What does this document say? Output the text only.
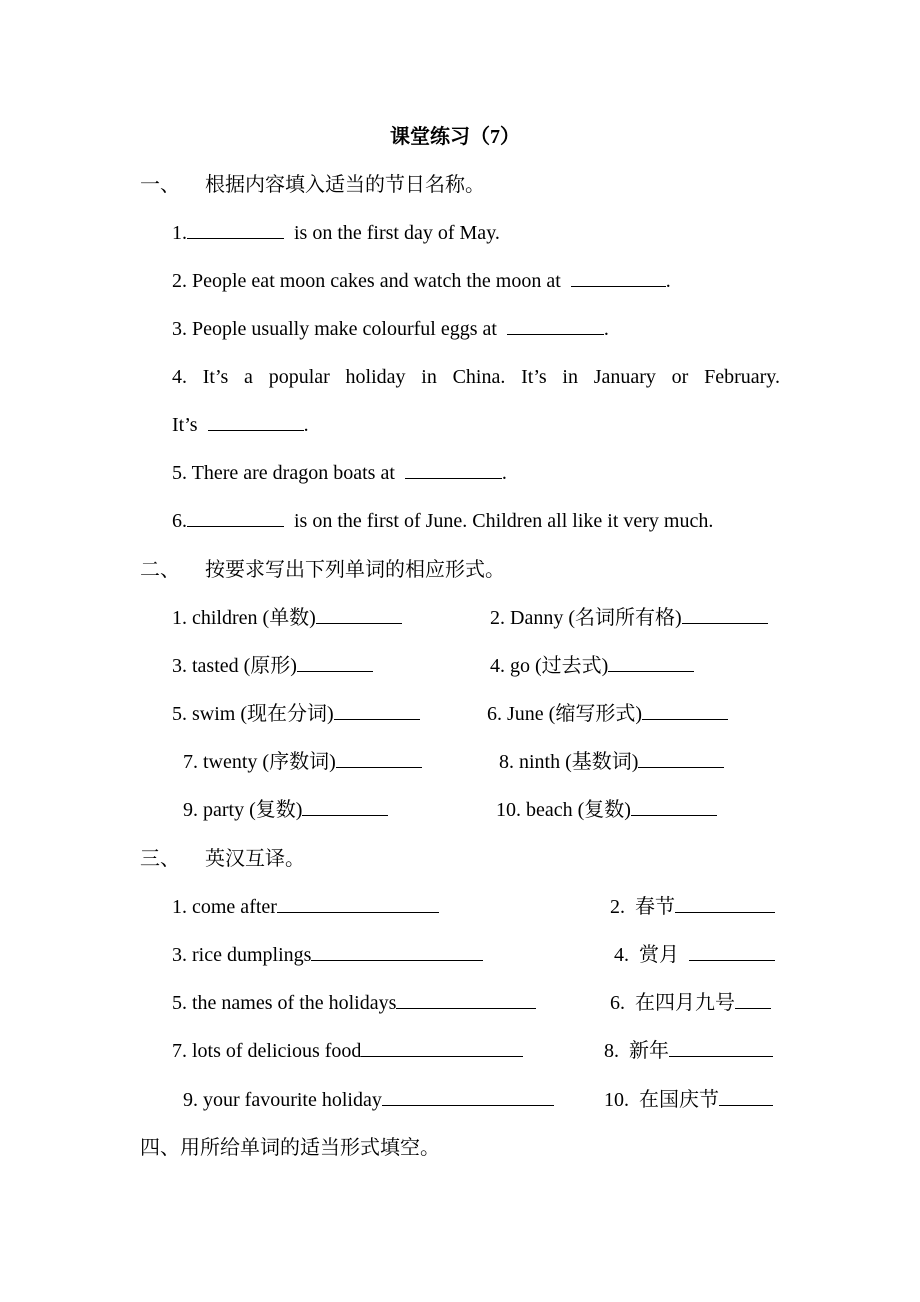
课堂练习（7）
一、 根据内容填入适当的节日名称。
1.	is on the first day of May.
2. People eat moon cakes and watch the moon at	.
3. People usually make colourful eggs at	.
4. It’s a popular holiday in China. It’s in January or February.
It’s	.
5. There are dragon boats at	.
6.	is on the first of June. Children all like it very much.
二、 按要求写出下列单词的相应形式。
1. children (单数)	2. Danny (名词所有格)
3. tasted (原形)	4. go (过去式)
5. swim (现在分词)	6. June (缩写形式)
7. twenty (序数词)	8. ninth (基数词)
9. party (复数)	10. beach (复数)
三、 英汉互译。
1. come after	2.  春节
3. rice dumplings	4.  赏月
5. the names of the holidays	6.  在四月九号
7. lots of delicious food	8.  新年
9. your favourite holiday	10.  在国庆节
四、用所给单词的适当形式填空。
